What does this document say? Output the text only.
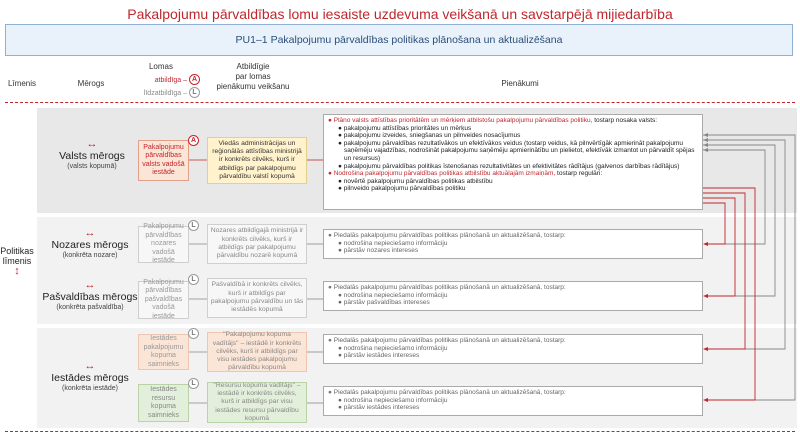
Pakalpojumu pārvaldības lomu iesaiste uzdevuma veikšanā un savstarpējā mijiedarbība
PU1–1 Pakalpojumu pārvaldības politikas plānošana un aktualizēšana
Līmenis	Mērogs
Lomas
atbildīga – A
līdzatbildīga – L
Atbildīgie
par lomas
pienākumu veikšanu	Pienākumi
Politikas
līmenis
↕
↔
Valsts mērogs
(valsts kopumā)
↔
Nozares mērogs
(konkrēta nozare)
↔
Pašvaldības mērogs
(konkrēta pašvaldība)
↔
Iestādes mērogs
(konkrēta iestāde)
Pakalpojumu pārvaldības valsts vadošā iestāde
A
Pakalpojumu pārvaldības nozares vadošā iestāde
L
Pakalpojumu pārvaldības pašvaldības vadošā iestāde
L
Iestādes pakalpojumu kopuma saimnieks
L
Iestādes resursu kopuma saimnieks
L
Viedās administrācijas un reģionālās attīstības ministrijā ir konkrēts cilvēks, kurš ir atbildīgs par pakalpojumu pārvaldību valstī kopumā
Nozares atbildīgajā ministrijā ir konkrēts cilvēks, kurš ir atbildīgs par pakalpojumu pārvaldību nozarē kopumā
Pašvaldībā ir konkrēts cilvēks, kurš ir atbildīgs par pakalpojumu pārvaldību un tās iestādēs kopumā
"Pakalpojumu kopuma vadītājs" – iestādē ir konkrēts cilvēks, kurš ir atbildīgs par visu iestādes pakalpojumu pārvaldību kopumā
"Resursu kopuma vadītājs" – iestādē ir konkrēts cilvēks, kurš ir atbildīgs par visu iestādes resursu pārvaldību kopumā
● Plāno valsts attīstības prioritātēm un mērķiem atbilstošu pakalpojumu pārvaldības politiku, tostarp nosaka valsts:
● pakalpojumu attīstības prioritātes un mērķus
● pakalpojumu izveides, sniegšanas un pilnveides nosacījumus
● pakalpojumu pārvaldības rezultatīvākos un efektīvākos veidus (tostarp veidus, kā pilnvērtīgāk apmierināt pakalpojumu saņēmēju vajadzības, nodrošināt pakalpojumu saņēmēju apmierinātību un pielietot, efektīvāk izmantot un pārvaldīt spējas un resursus)
● pakalpojumu pārvaldības politikas īstenošanas rezultativitātes un efektivitātes rādītājus (galvenos darbības rādītājus)
● Nodrošina pakalpojumu pārvaldības politikas atbilstību aktuālajām izmaiņām, tostarp regulāri:
● novērtē pakalpojumu pārvaldības politikas atbilstību
● pilnveido pakalpojumu pārvaldības politiku
● Piedalās pakalpojumu pārvaldības politikas plānošanā un aktualizēšanā, tostarp:
● nodrošina nepieciešamo informāciju
● pārstāv nozares intereses
● Piedalās pakalpojumu pārvaldības politikas plānošanā un aktualizēšanā, tostarp:
● nodrošina nepieciešamo informāciju
● pārstāv pašvaldības intereses
● Piedalās pakalpojumu pārvaldības politikas plānošanā un aktualizēšanā, tostarp:
● nodrošina nepieciešamo informāciju
● pārstāv iestādes intereses
● Piedalās pakalpojumu pārvaldības politikas plānošanā un aktualizēšanā, tostarp:
● nodrošina nepieciešamo informāciju
● pārstāv iestādes intereses
